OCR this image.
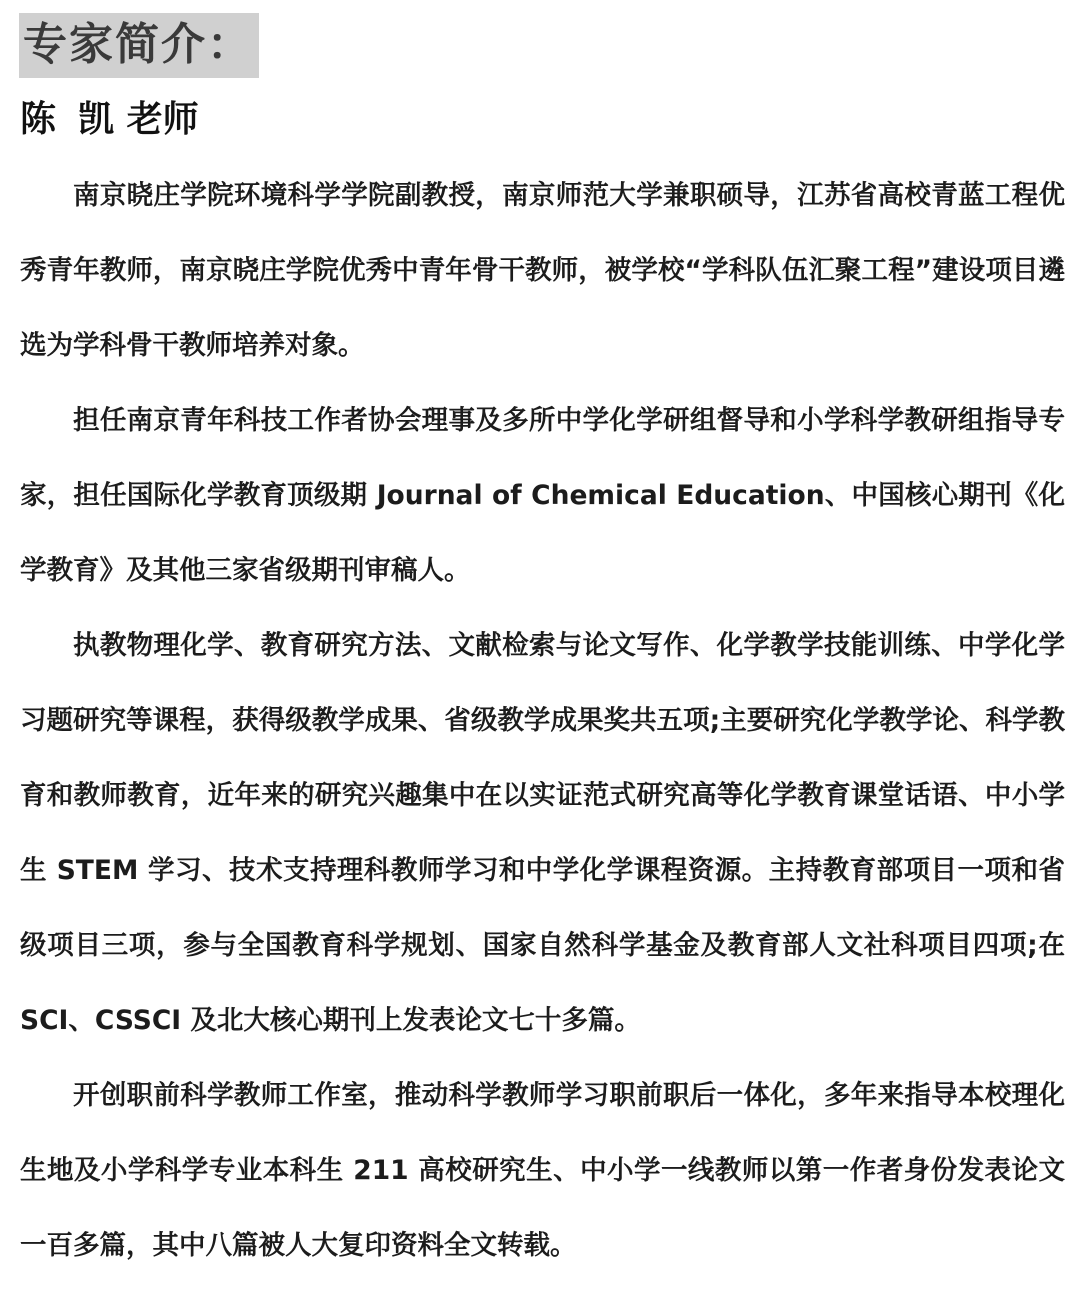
专家简介：
陈 凯 老师

南京晓庄学院环境科学学院副教授，南京师范大学兼职硕导，江苏省高校青蓝工程优秀青年教师，南京晓庄学院优秀中青年骨干教师，被学校“学科队伍汇聚工程”建设项目遴选为学科骨干教师培养对象。

担任南京青年科技工作者协会理事及多所中学化学研组督导和小学科学教研组指导专家，担任国际化学教育顶级期 Journal of Chemical Education、中国核心期刊《化学教育》及其他三家省级期刊审稿人。

执教物理化学、教育研究方法、文献检索与论文写作、化学教学技能训练、中学化学习题研究等课程，获得级教学成果、省级教学成果奖共五项;主要研究化学教学论、科学教育和教师教育，近年来的研究兴趣集中在以实证范式研究高等化学教育课堂话语、中小学生 STEM 学习、技术支持理科教师学习和中学化学课程资源。主持教育部项目一项和省级项目三项，参与全国教育科学规划、国家自然科学基金及教育部人文社科项目四项;在 SCI、CSSCI 及北大核心期刊上发表论文七十多篇。

开创职前科学教师工作室，推动科学教师学习职前职后一体化，多年来指导本校理化生地及小学科学专业本科生 211 高校研究生、中小学一线教师以第一作者身份发表论文一百多篇，其中八篇被人大复印资料全文转载。
